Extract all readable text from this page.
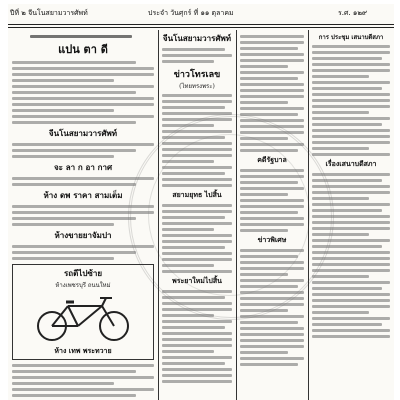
ปีที่ ๒ จีนโนสยามวารศัพท์	ประจำ วันศุกร์ ที่ ๑๑ ตุลาคม	ร.ศ. ๑๒๙
แปน ตา ดี
จีนโนสยามวารศัพท์
จะ ลา ก อา กาศ
ห้าง ดพ ราคา สามเต็ม
ห้างขายยาจัมปา
รถตีไปซ้าย
ห้างเพชรบุรี ถนนใหม่
ห้าง เทพ พระทวาย
จีนโนสยามวารศัพท์
ข่าวโทรเลข
(ไทยทรงพระ)
สยามยุทธ ไปสิ้น
พระยาใหม่ไปสิ้น
คดีรัฐบาล
ข่าวพิเศษ
การ ประชุม เสนาบดีสภา
เรื่องเสนาบดีสภา
